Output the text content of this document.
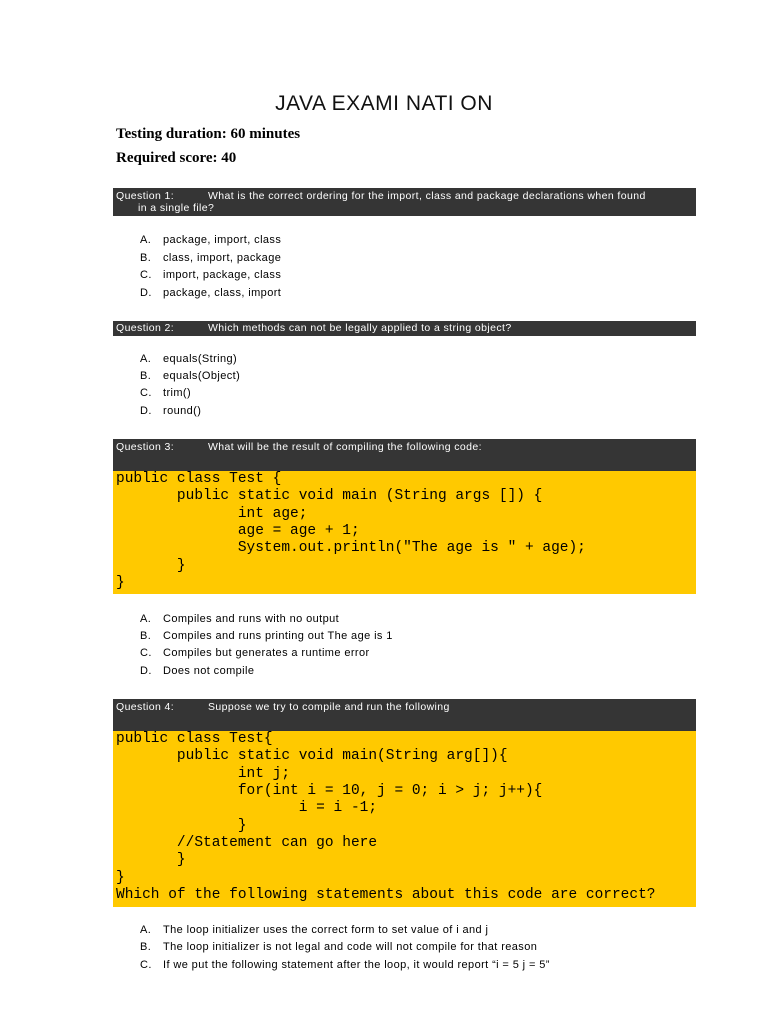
JAVA EXAMI NATI ON
Testing duration: 60 minutes
Required score: 40
Question 1:	What is the correct ordering for the import, class and package declarations when found
in a single file?
A. package, import, class
B. class, import, package
C. import, package, class
D. package, class, import
Question 2:	Which methods can not be legally applied to a string object?
A. equals(String)
B. equals(Object)
C. trim()
D. round()
Question 3:	What will be the result of compiling the following code:
public class Test {
public static void main (String args []) {
int age;
age = age + 1;
System.out.println("The age is " + age);
}
}
A. Compiles and runs with no output
B. Compiles and runs printing out The age is 1
C. Compiles but generates a runtime error
D. Does not compile
Question 4:	Suppose we try to compile and run the following
public class Test{
public static void main(String arg[]){
int j;
for(int i = 10, j = 0; i > j; j++){
i = i -1;
}
//Statement can go here
}
}
Which of the following statements about this code are correct?
A. The loop initializer uses the correct form to set value of i and j
B. The loop initializer is not legal and code will not compile for that reason
C. If we put the following statement after the loop, it would report “i = 5 j = 5”
